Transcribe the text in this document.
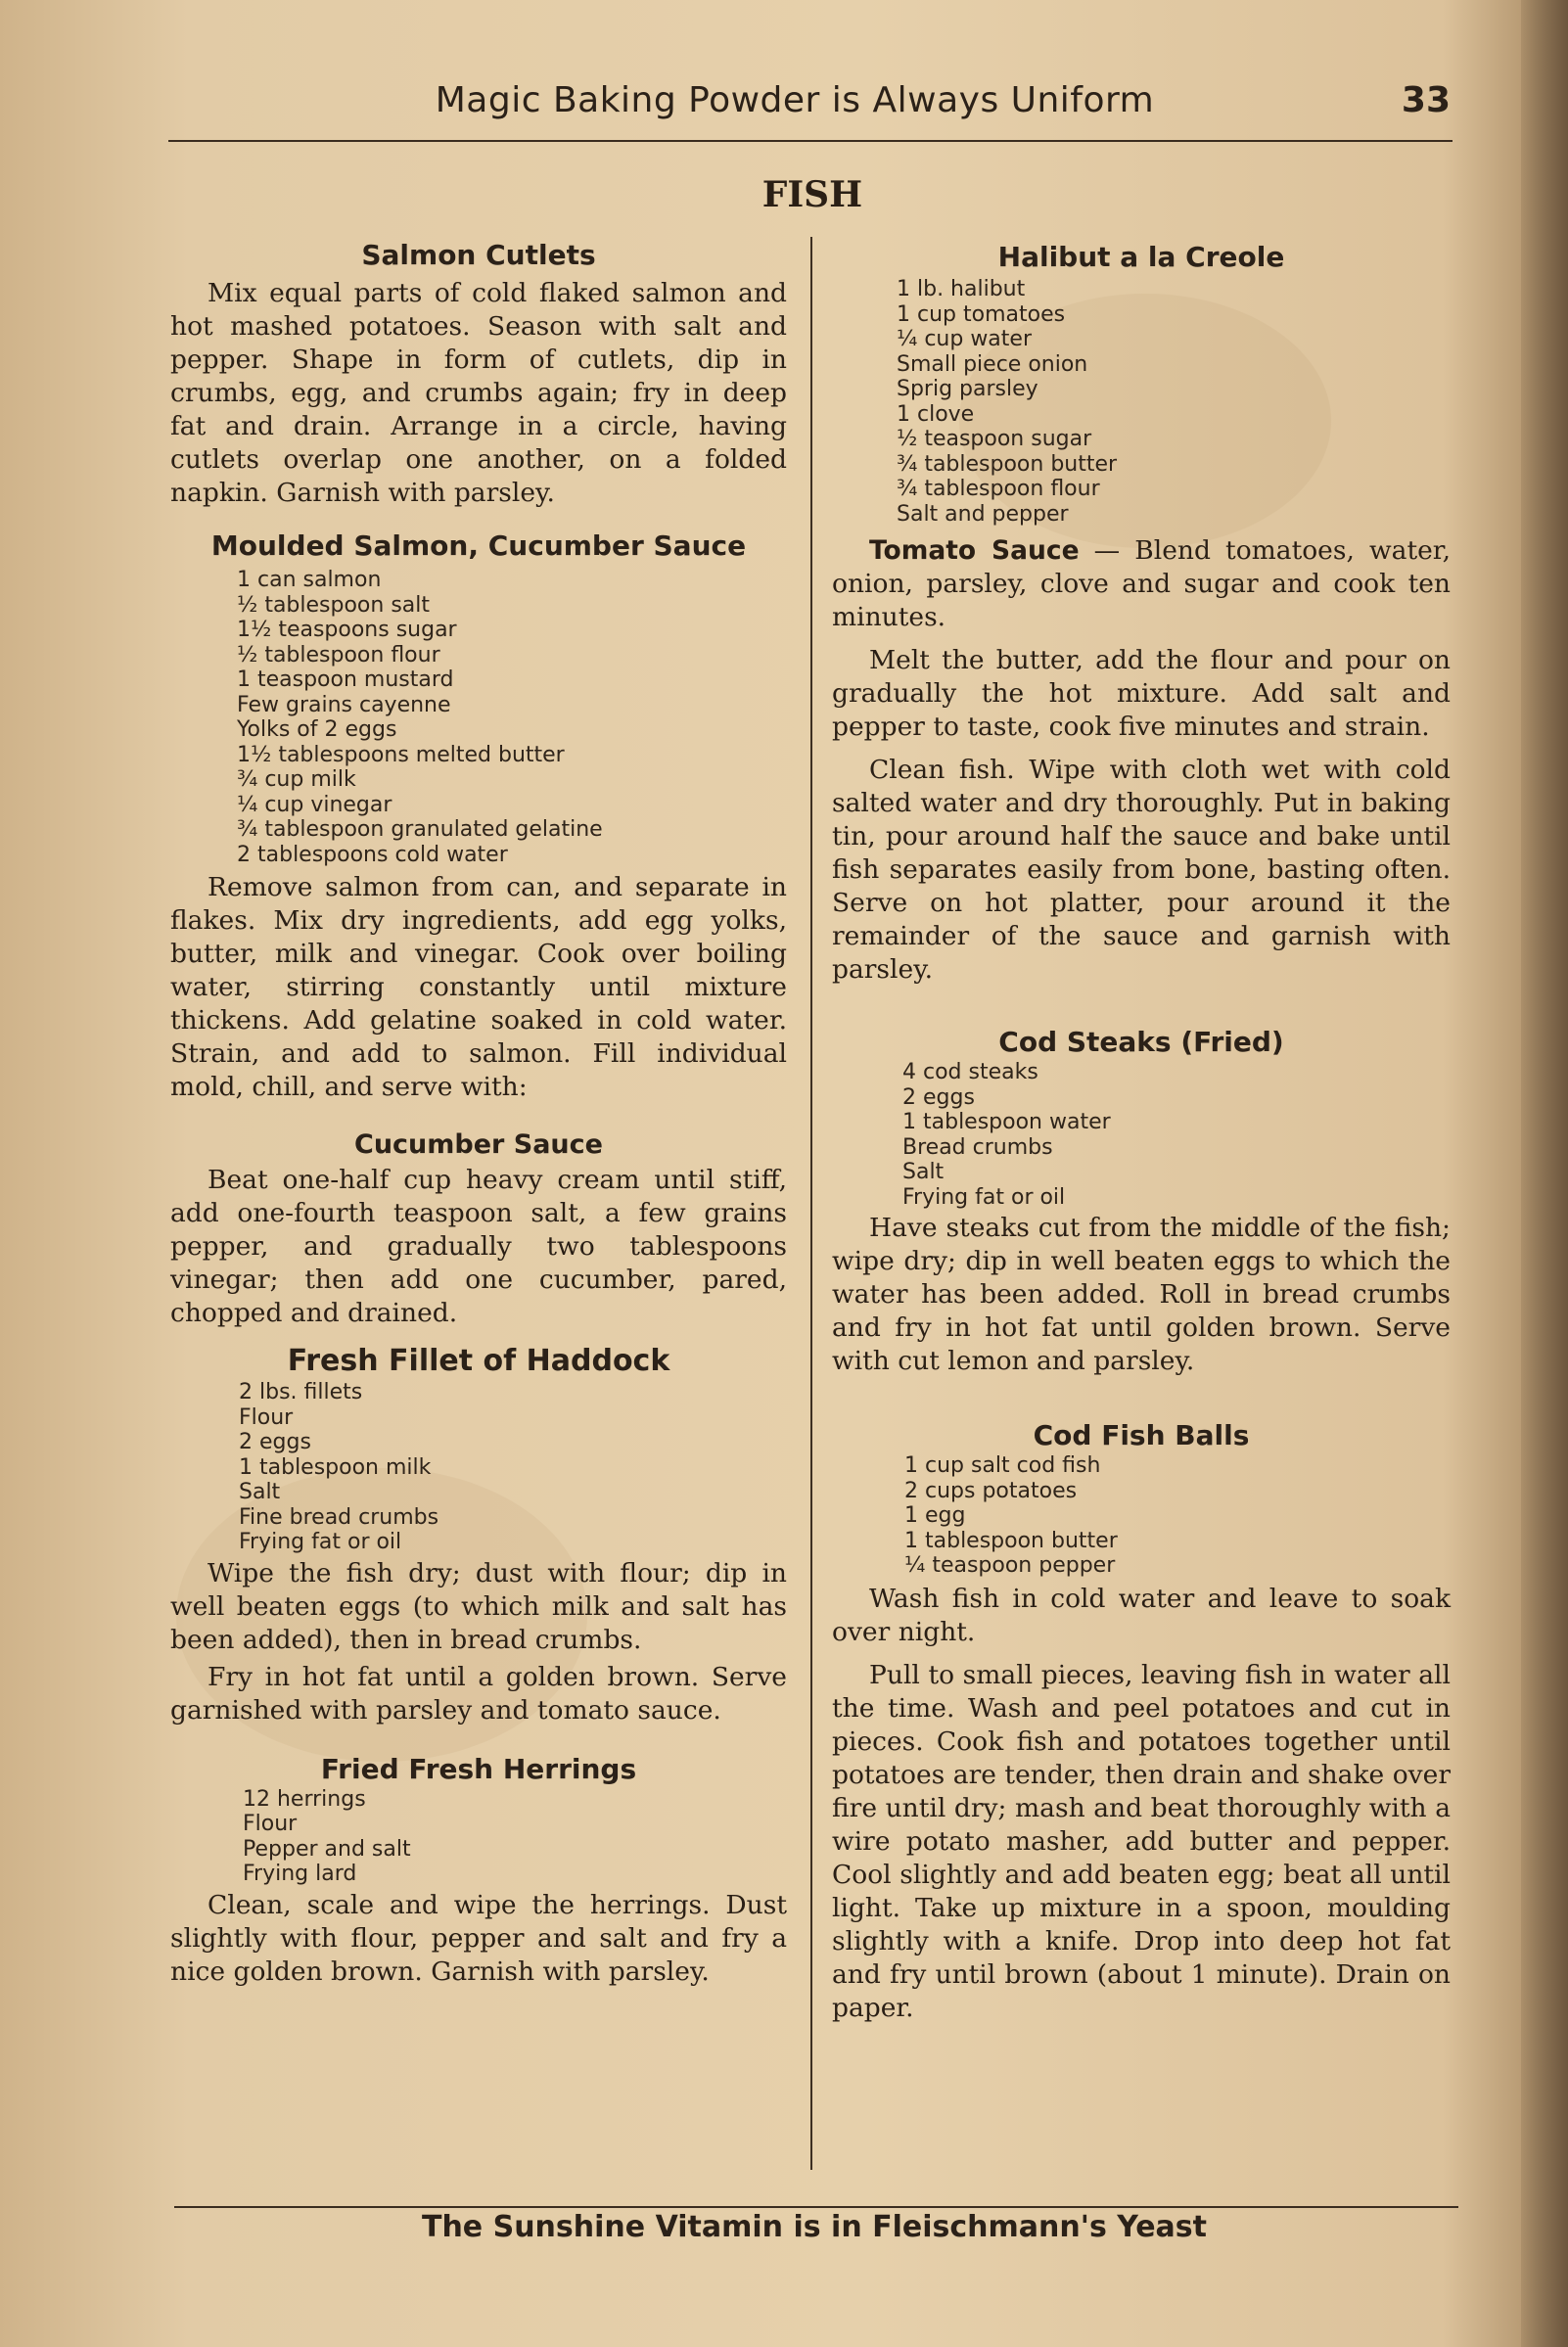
Magic Baking Powder is Always Uniform	33
FISH
Salmon Cutlets

Mix equal parts of cold flaked salmon and hot mashed potatoes. Season with salt and pepper. Shape in form of cutlets, dip in crumbs, egg, and crumbs again; fry in deep fat and drain. Arrange in a circle, having cutlets overlap one another, on a folded napkin. Garnish with parsley.

Moulded Salmon, Cucumber Sauce
1 can salmon
½ tablespoon salt
1½ teaspoons sugar
½ tablespoon flour
1 teaspoon mustard
Few grains cayenne
Yolks of 2 eggs
1½ tablespoons melted butter
¾ cup milk
¼ cup vinegar
¾ tablespoon granulated gelatine
2 tablespoons cold water

Remove salmon from can, and separate in flakes. Mix dry ingredients, add egg yolks, butter, milk and vinegar. Cook over boiling water, stirring constantly until mixture thickens. Add gelatine soaked in cold water. Strain, and add to salmon. Fill individual mold, chill, and serve with:

Cucumber Sauce

Beat one-half cup heavy cream until stiff, add one-fourth teaspoon salt, a few grains pepper, and gradually two tablespoons vinegar; then add one cucumber, pared, chopped and drained.

Fresh Fillet of Haddock
2 lbs. fillets
Flour
2 eggs
1 tablespoon milk
Salt
Fine bread crumbs
Frying fat or oil

Wipe the fish dry; dust with flour; dip in well beaten eggs (to which milk and salt has been added), then in bread crumbs.

Fry in hot fat until a golden brown. Serve garnished with parsley and tomato sauce.

Fried Fresh Herrings
12 herrings
Flour
Pepper and salt
Frying lard

Clean, scale and wipe the herrings. Dust slightly with flour, pepper and salt and fry a nice golden brown. Garnish with parsley.

Halibut a la Creole
1 lb. halibut
1 cup tomatoes
¼ cup water
Small piece onion
Sprig parsley
1 clove
½ teaspoon sugar
¾ tablespoon butter
¾ tablespoon flour
Salt and pepper

Tomato Sauce — Blend tomatoes, water, onion, parsley, clove and sugar and cook ten minutes.

Melt the butter, add the flour and pour on gradually the hot mixture. Add salt and pepper to taste, cook five minutes and strain.

Clean fish. Wipe with cloth wet with cold salted water and dry thoroughly. Put in baking tin, pour around half the sauce and bake until fish separates easily from bone, basting often. Serve on hot platter, pour around it the remainder of the sauce and garnish with parsley.

Cod Steaks (Fried)
4 cod steaks
2 eggs
1 tablespoon water
Bread crumbs
Salt
Frying fat or oil

Have steaks cut from the middle of the fish; wipe dry; dip in well beaten eggs to which the water has been added. Roll in bread crumbs and fry in hot fat until golden brown. Serve with cut lemon and parsley.

Cod Fish Balls
1 cup salt cod fish
2 cups potatoes
1 egg
1 tablespoon butter
¼ teaspoon pepper

Wash fish in cold water and leave to soak over night.

Pull to small pieces, leaving fish in water all the time. Wash and peel potatoes and cut in pieces. Cook fish and potatoes together until potatoes are tender, then drain and shake over fire until dry; mash and beat thoroughly with a wire potato masher, add butter and pepper. Cool slightly and add beaten egg; beat all until light. Take up mixture in a spoon, moulding slightly with a knife. Drop into deep hot fat and fry until brown (about 1 minute). Drain on paper.

The Sunshine Vitamin is in Fleischmann's Yeast
